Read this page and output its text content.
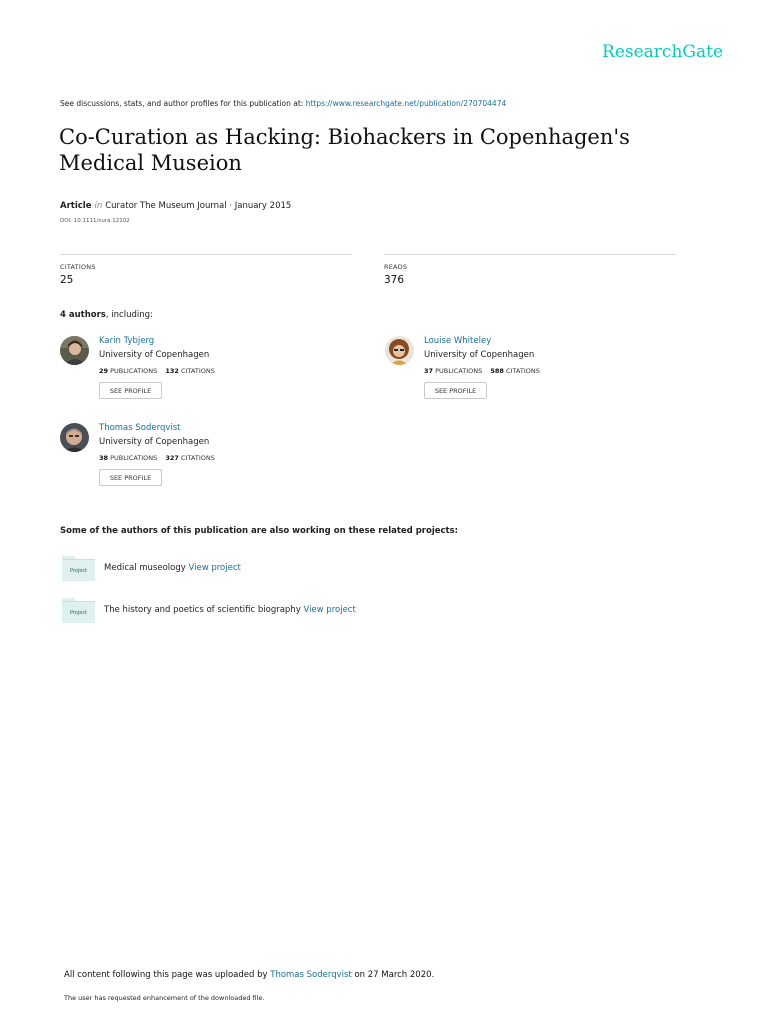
ResearchGate
See discussions, stats, and author profiles for this publication at: https://www.researchgate.net/publication/270704474
Co-Curation as Hacking: Biohackers in Copenhagen's Medical Museion
Article in Curator The Museum Journal · January 2015
DOI: 10.1111/cura.12102
CITATIONS
25
READS
376
4 authors, including:
Karin Tybjerg
University of Copenhagen
29 PUBLICATIONS 132 CITATIONS
SEE PROFILE
Louise Whiteley
University of Copenhagen
37 PUBLICATIONS 588 CITATIONS
SEE PROFILE
Thomas Soderqvist
University of Copenhagen
38 PUBLICATIONS 327 CITATIONS
SEE PROFILE
Some of the authors of this publication are also working on these related projects:
Project Medical museology View project
Project The history and poetics of scientific biography View project
All content following this page was uploaded by Thomas Soderqvist on 27 March 2020.
The user has requested enhancement of the downloaded file.
